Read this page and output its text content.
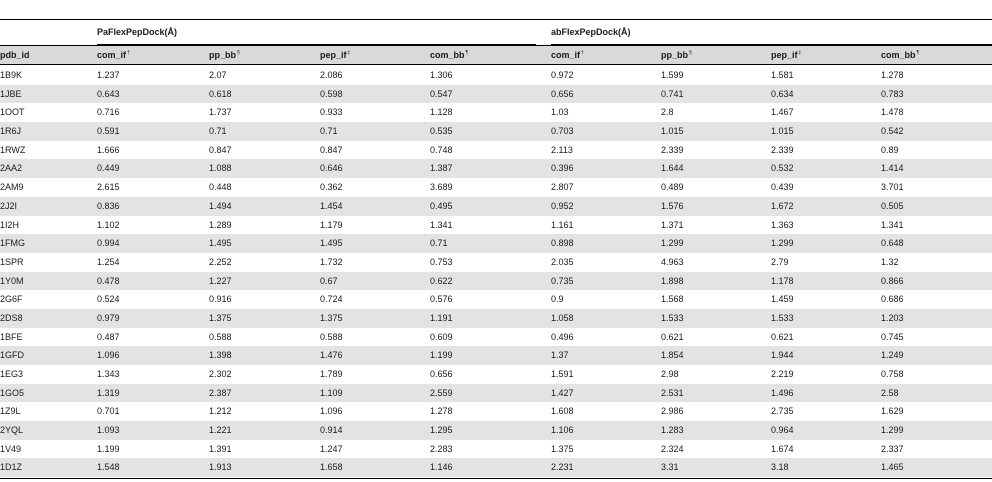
PaFlexPepDock(Å)	abFlexPepDock(Å)
pdb_id	com_if†	pp_bb§	pep_if‡	com_bb¶	com_if†	pp_bb§	pep_if‡	com_bb¶
1B9K	1.237	2.07	2.086	1.306	0.972	1.599	1.581	1.278
1JBE	0.643	0.618	0.598	0.547	0.656	0.741	0.634	0.783
1OOT	0.716	1.737	0.933	1.128	1.03	2.8	1.467	1.478
1R6J	0.591	0.71	0.71	0.535	0.703	1.015	1.015	0.542
1RWZ	1.666	0.847	0.847	0.748	2.113	2.339	2.339	0.89
2AA2	0.449	1.088	0.646	1.387	0.396	1.644	0.532	1.414
2AM9	2.615	0.448	0.362	3.689	2.807	0.489	0.439	3.701
2J2I	0.836	1.494	1.454	0.495	0.952	1.576	1.672	0.505
1I2H	1.102	1.289	1.179	1.341	1.161	1.371	1.363	1.341
1FMG	0.994	1.495	1.495	0.71	0.898	1.299	1.299	0.648
1SPR	1.254	2.252	1.732	0.753	2.035	4.963	2.79	1.32
1Y0M	0.478	1.227	0.67	0.622	0.735	1.898	1.178	0.866
2G6F	0.524	0.916	0.724	0.576	0.9	1.568	1.459	0.686
2DS8	0.979	1.375	1.375	1.191	1.058	1.533	1.533	1.203
1BFE	0.487	0.588	0.588	0.609	0.496	0.621	0.621	0.745
1GFD	1.096	1.398	1.476	1.199	1.37	1.854	1.944	1.249
1EG3	1.343	2.302	1.789	0.656	1.591	2.98	2.219	0.758
1GO5	1.319	2.387	1.109	2.559	1.427	2.531	1.496	2.58
1Z9L	0.701	1.212	1.096	1.278	1.608	2.986	2.735	1.629
2YQL	1.093	1.221	0.914	1.295	1.106	1.283	0.964	1.299
1V49	1.199	1.391	1.247	2.283	1.375	2.324	1.674	2.337
1D1Z	1.548	1.913	1.658	1.146	2.231	3.31	3.18	1.465
